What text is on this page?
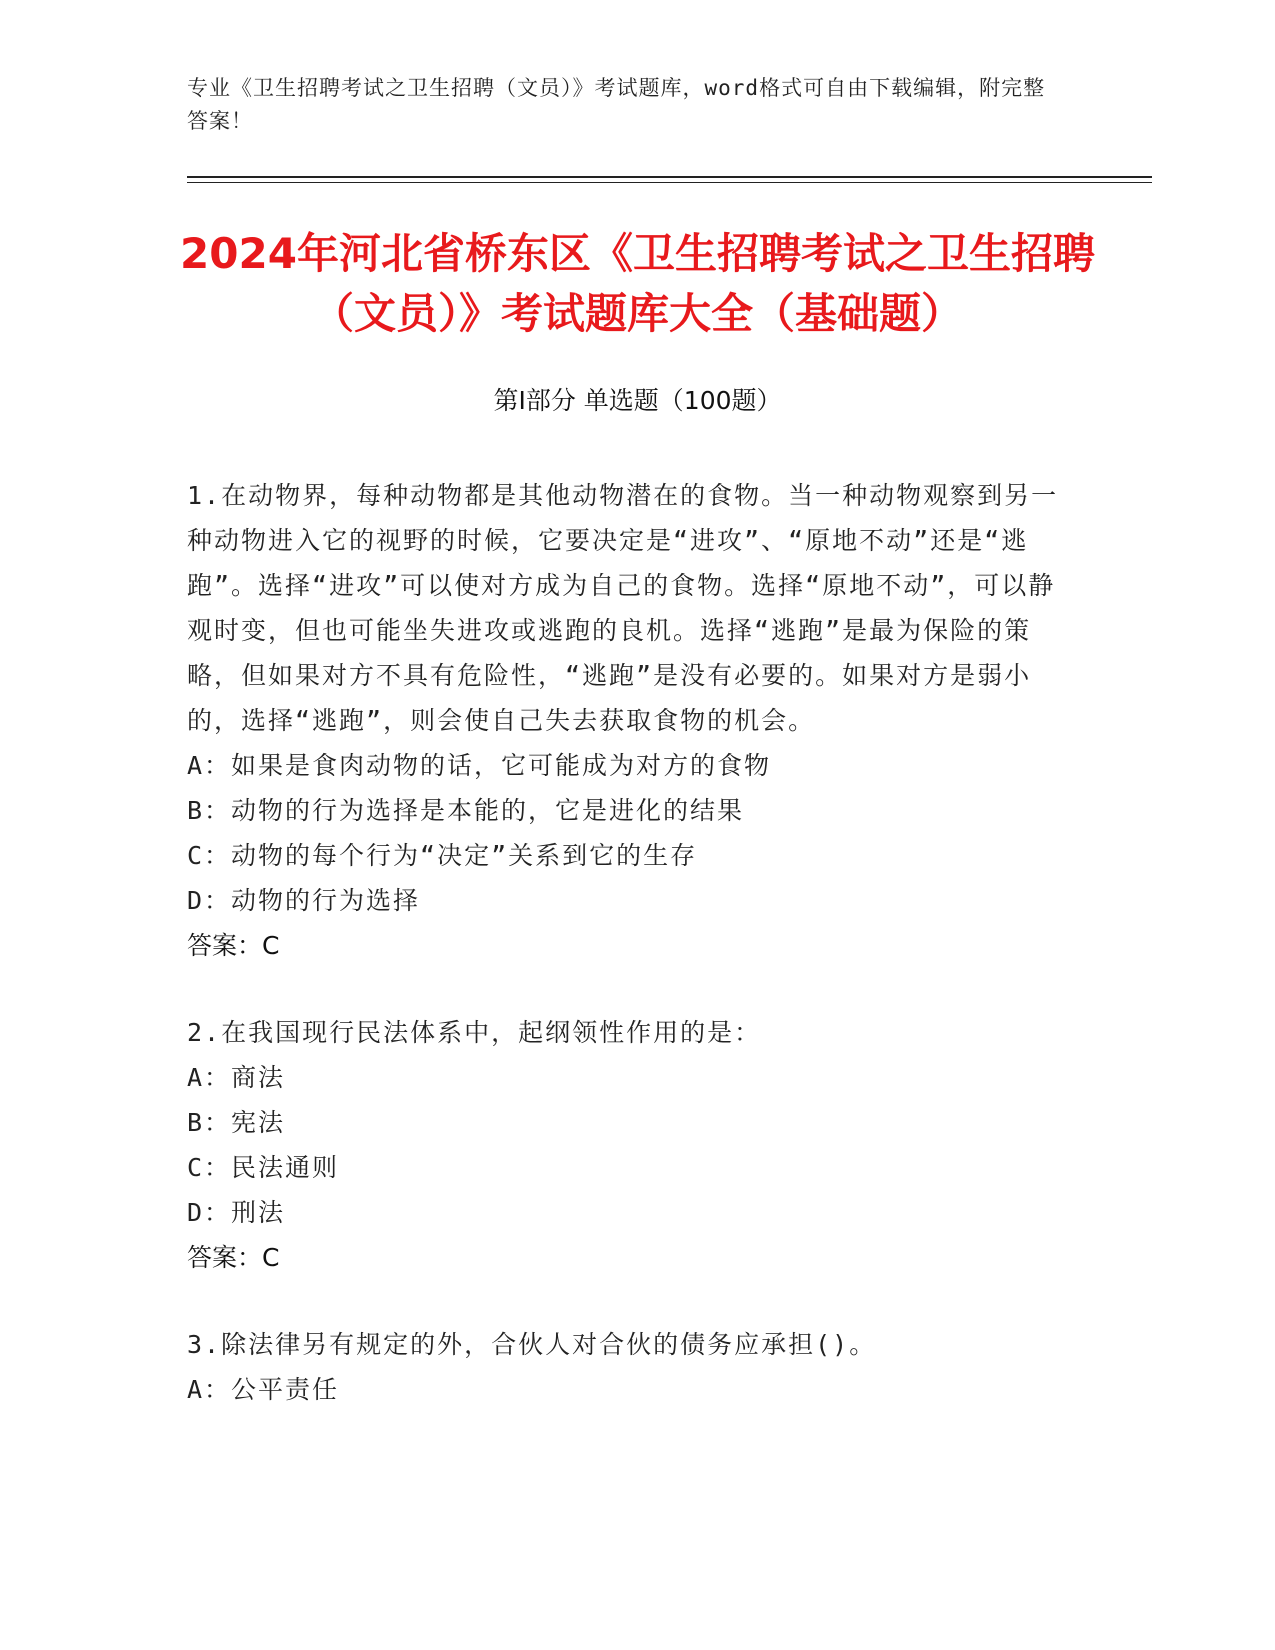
专业《卫生招聘考试之卫生招聘（文员）》考试题库，word格式可自由下载编辑，附完整答案！
2024年河北省桥东区《卫生招聘考试之卫生招聘（文员）》考试题库大全（基础题）
第Ⅰ部分 单选题（100题）

1.在动物界，每种动物都是其他动物潜在的食物。当一种动物观察到另一种动物进入它的视野的时候，它要决定是“进攻”、“原地不动”还是“逃跑”。选择“进攻”可以使对方成为自己的食物。选择“原地不动”，可以静观时变，但也可能坐失进攻或逃跑的良机。选择“逃跑”是最为保险的策略，但如果对方不具有危险性，“逃跑”是没有必要的。如果对方是弱小的，选择“逃跑”，则会使自己失去获取食物的机会。

A：如果是食肉动物的话，它可能成为对方的食物

B：动物的行为选择是本能的，它是进化的结果

C：动物的每个行为“决定”关系到它的生存

D：动物的行为选择

答案：C

2.在我国现行民法体系中，起纲领性作用的是：

A：商法

B：宪法

C：民法通则

D：刑法

答案：C

3.除法律另有规定的外，合伙人对合伙的债务应承担()。

A：公平责任
